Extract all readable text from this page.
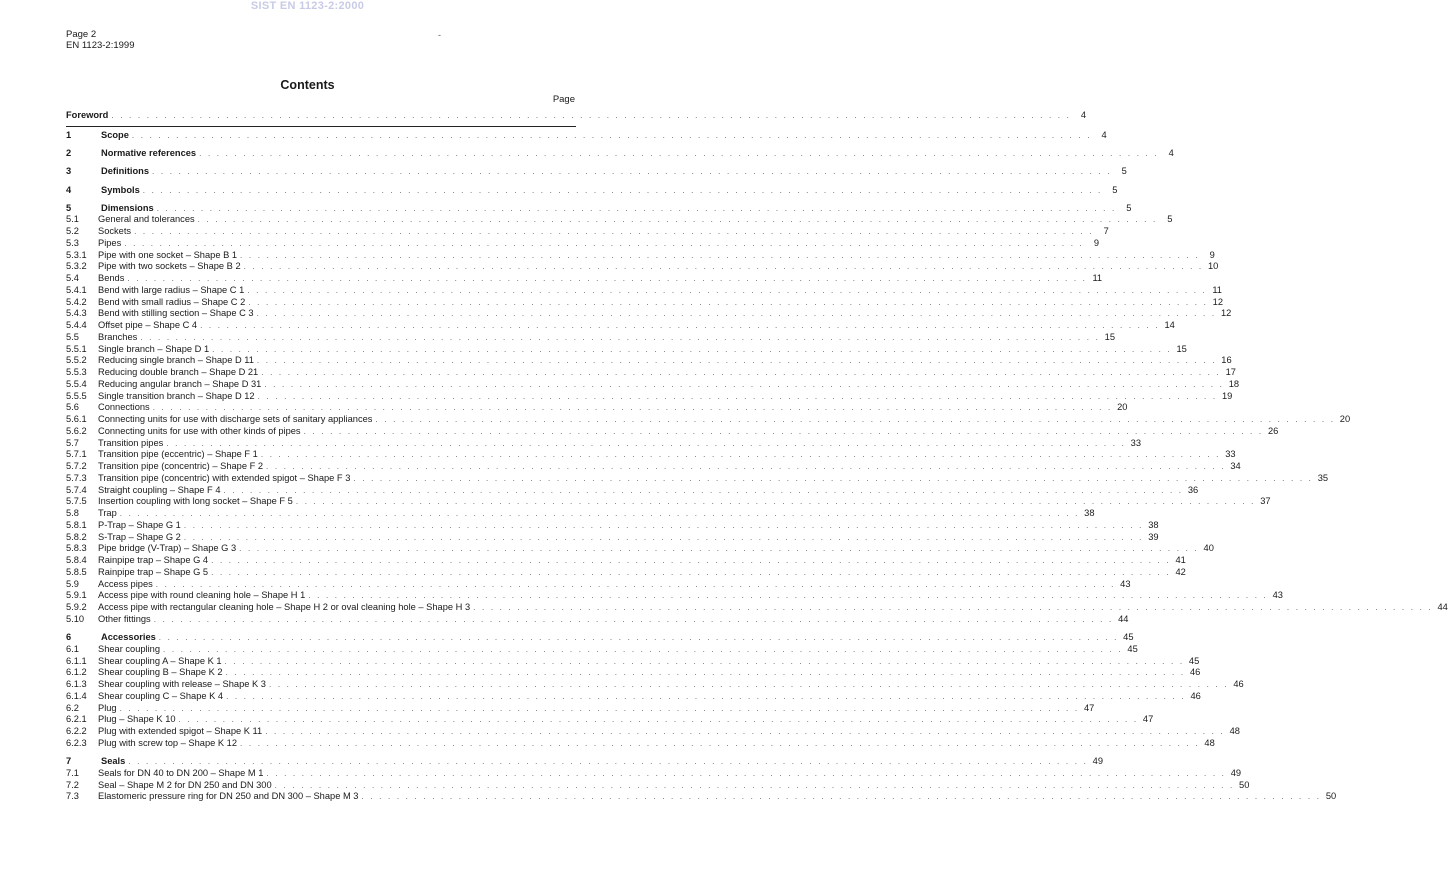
SIST EN 1123-2:2000
Page 2
EN 1123-2:1999
-
Contents
Page
Foreword . . .	4
1	Scope . . .	4
2	Normative references . . .	4
3	Definitions . . .	5
4	Symbols . . .	5
5	Dimensions . . .	5
5.1	General and tolerances . . .	5
5.2	Sockets . . .	7
5.3	Pipes . . .	9
5.3.1	Pipe with one socket – Shape B 1 . . .	9
5.3.2	Pipe with two sockets – Shape B 2 . . .	10
5.4	Bends . . .	11
5.4.1	Bend with large radius – Shape C 1 . . .	11
5.4.2	Bend with small radius – Shape C 2 . . .	12
5.4.3	Bend with stilling section – Shape C 3 . . .	12
5.4.4	Offset pipe – Shape C 4 . . .	14
5.5	Branches . . .	15
5.5.1	Single branch – Shape D 1 . . .	15
5.5.2	Reducing single branch – Shape D 11 . . .	16
5.5.3	Reducing double branch – Shape D 21 . . .	17
5.5.4	Reducing angular branch – Shape D 31 . . .	18
5.5.5	Single transition branch – Shape D 12 . . .	19
5.6	Connections . . .	20
5.6.1	Connecting units for use with discharge sets of sanitary appliances . . .	20
5.6.2	Connecting units for use with other kinds of pipes . . .	26
5.7	Transition pipes . . .	33
5.7.1	Transition pipe (eccentric) – Shape F 1 . . .	33
5.7.2	Transition pipe (concentric) – Shape F 2 . . .	34
5.7.3	Transition pipe (concentric) with extended spigot – Shape F 3 . . .	35
5.7.4	Straight coupling – Shape F 4 . . .	36
5.7.5	Insertion coupling with long socket – Shape F 5 . . .	37
5.8	Trap . . .	38
5.8.1	P-Trap – Shape G 1 . . .	38
5.8.2	S-Trap – Shape G 2 . . .	39
5.8.3	Pipe bridge (V-Trap) – Shape G 3 . . .	40
5.8.4	Rainpipe trap – Shape G 4 . . .	41
5.8.5	Rainpipe trap – Shape G 5 . . .	42
5.9	Access pipes . . .	43
5.9.1	Access pipe with round cleaning hole – Shape H 1 . . .	43
5.9.2	Access pipe with rectangular cleaning hole – Shape H 2 or oval cleaning hole – Shape H 3 . . .	44
5.10	Other fittings . . .	44
6	Accessories . . .	45
6.1	Shear coupling . . .	45
6.1.1	Shear coupling A – Shape K 1 . . .	45
6.1.2	Shear coupling B – Shape K 2 . . .	46
6.1.3	Shear coupling with release – Shape K 3 . . .	46
6.1.4	Shear coupling C – Shape K 4 . . .	46
6.2	Plug . . .	47
6.2.1	Plug – Shape K 10 . . .	47
6.2.2	Plug with extended spigot – Shape K 11 . . .	48
6.2.3	Plug with screw top – Shape K 12 . . .	48
7	Seals . . .	49
7.1	Seals for DN 40 to DN 200 – Shape M 1 . . .	49
7.2	Seal – Shape M 2 for DN 250 and DN 300 . . .	50
7.3	Elastomeric pressure ring for DN 250 and DN 300 – Shape M 3 . . .	50
